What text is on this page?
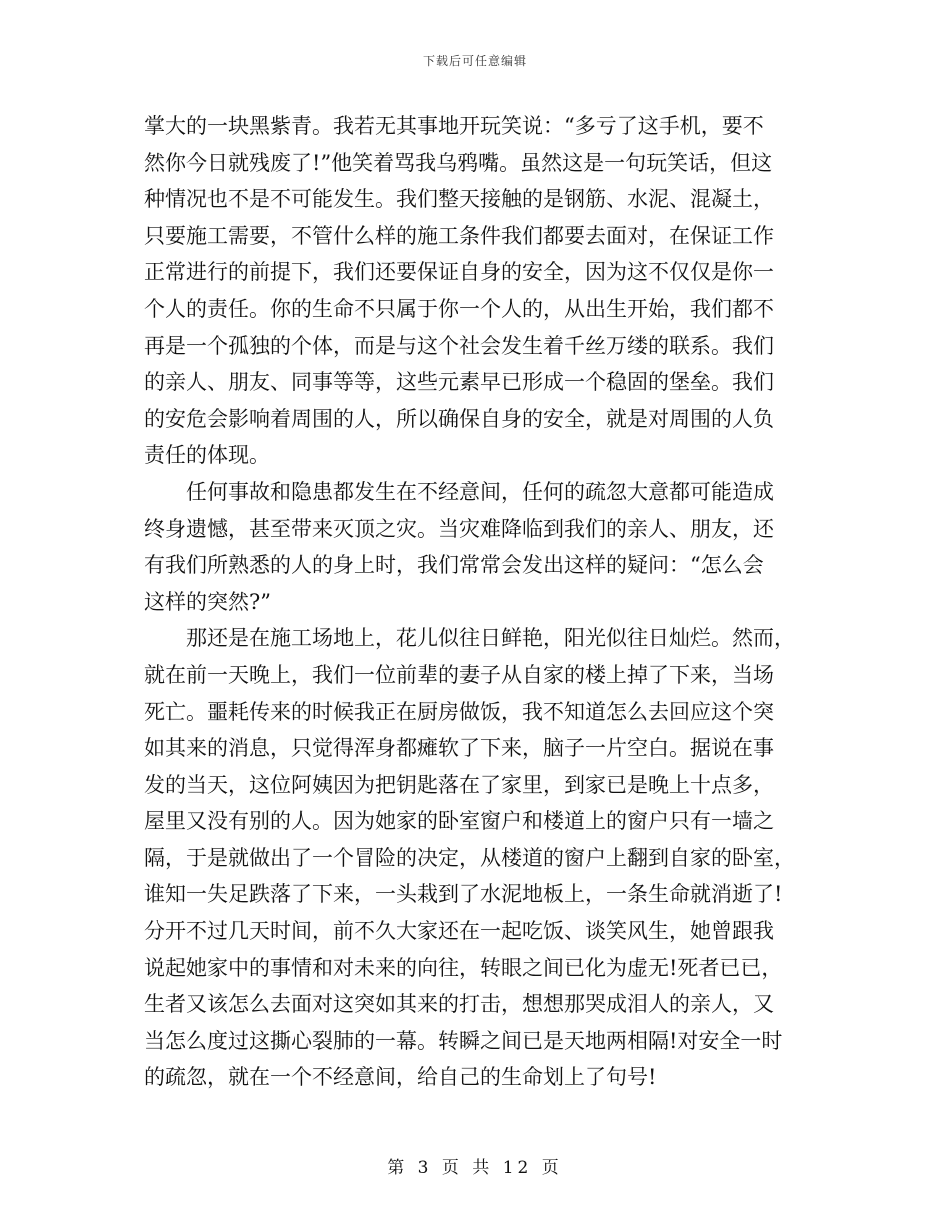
下载后可任意编辑
掌大的一块黑紫青。我若无其事地开玩笑说：“多亏了这手机，要不
然你今日就残废了!”他笑着骂我乌鸦嘴。虽然这是一句玩笑话，但这
种情况也不是不可能发生。我们整天接触的是钢筋、水泥、混凝土，
只要施工需要，不管什么样的施工条件我们都要去面对，在保证工作
正常进行的前提下，我们还要保证自身的安全，因为这不仅仅是你一
个人的责任。你的生命不只属于你一个人的，从出生开始，我们都不
再是一个孤独的个体，而是与这个社会发生着千丝万缕的联系。我们
的亲人、朋友、同事等等，这些元素早已形成一个稳固的堡垒。我们
的安危会影响着周围的人，所以确保自身的安全，就是对周围的人负
责任的体现。
任何事故和隐患都发生在不经意间，任何的疏忽大意都可能造成
终身遗憾，甚至带来灭顶之灾。当灾难降临到我们的亲人、朋友，还
有我们所熟悉的人的身上时，我们常常会发出这样的疑问：“怎么会
这样的突然?”
那还是在施工场地上，花儿似往日鲜艳，阳光似往日灿烂。然而，
就在前一天晚上，我们一位前辈的妻子从自家的楼上掉了下来，当场
死亡。噩耗传来的时候我正在厨房做饭，我不知道怎么去回应这个突
如其来的消息，只觉得浑身都瘫软了下来，脑子一片空白。据说在事
发的当天，这位阿姨因为把钥匙落在了家里，到家已是晚上十点多，
屋里又没有别的人。因为她家的卧室窗户和楼道上的窗户只有一墙之
隔，于是就做出了一个冒险的决定，从楼道的窗户上翻到自家的卧室，
谁知一失足跌落了下来，一头栽到了水泥地板上，一条生命就消逝了!
分开不过几天时间，前不久大家还在一起吃饭、谈笑风生，她曾跟我
说起她家中的事情和对未来的向往，转眼之间已化为虚无!死者已已，
生者又该怎么去面对这突如其来的打击，想想那哭成泪人的亲人，又
当怎么度过这撕心裂肺的一幕。转瞬之间已是天地两相隔!对安全一时
的疏忽，就在一个不经意间，给自己的生命划上了句号!
第 3 页 共 12 页
